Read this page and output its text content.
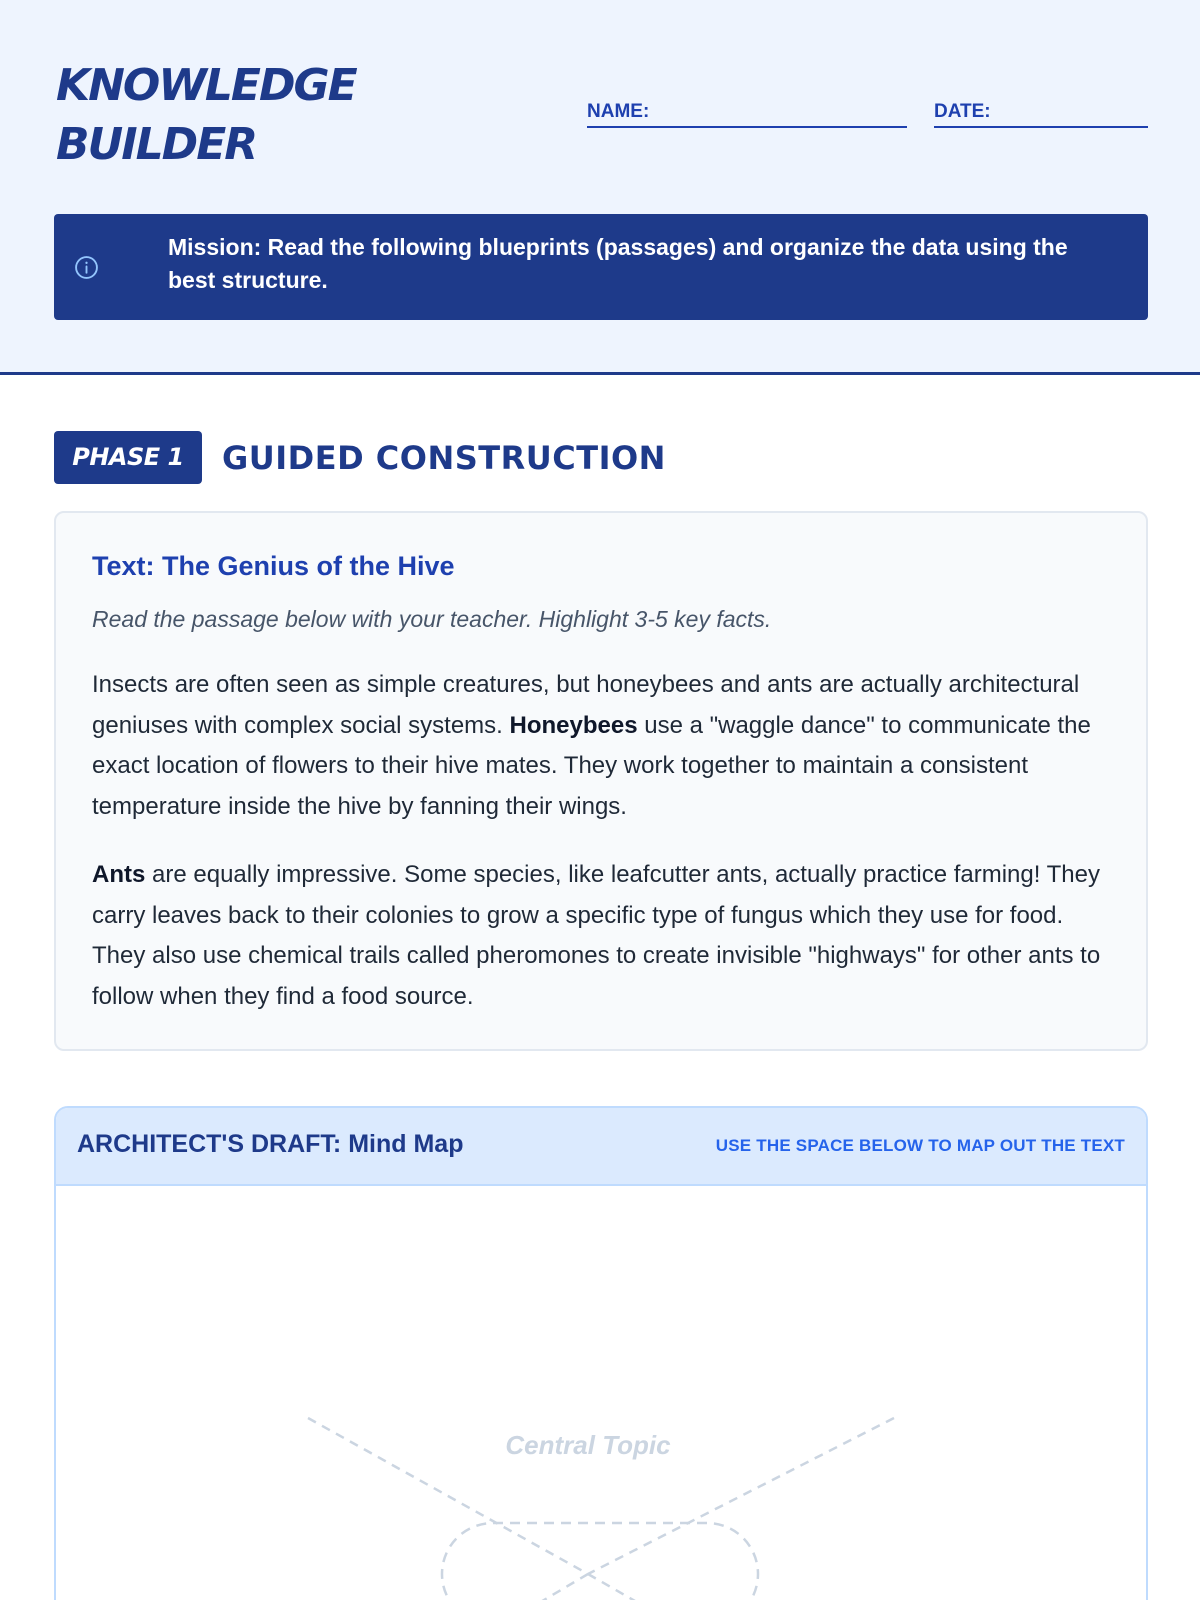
KNOWLEDGE
BUILDER
NAME:	DATE:

Mission: Read the following blueprints (passages) and organize the data using the best structure.

PHASE 1	GUIDED CONSTRUCTION
Text: The Genius of the Hive

Read the passage below with your teacher. Highlight 3-5 key facts.

Insects are often seen as simple creatures, but honeybees and ants are actually architectural geniuses with complex social systems. Honeybees use a "waggle dance" to communicate the exact location of flowers to their hive mates. They work together to maintain a consistent temperature inside the hive by fanning their wings.

Ants are equally impressive. Some species, like leafcutter ants, actually practice farming! They carry leaves back to their colonies to grow a specific type of fungus which they use for food. They also use chemical trails called pheromones to create invisible "highways" for other ants to follow when they find a food source.

ARCHITECT'S DRAFT: Mind Map	USE THE SPACE BELOW TO MAP OUT THE TEXT
Central Topic
